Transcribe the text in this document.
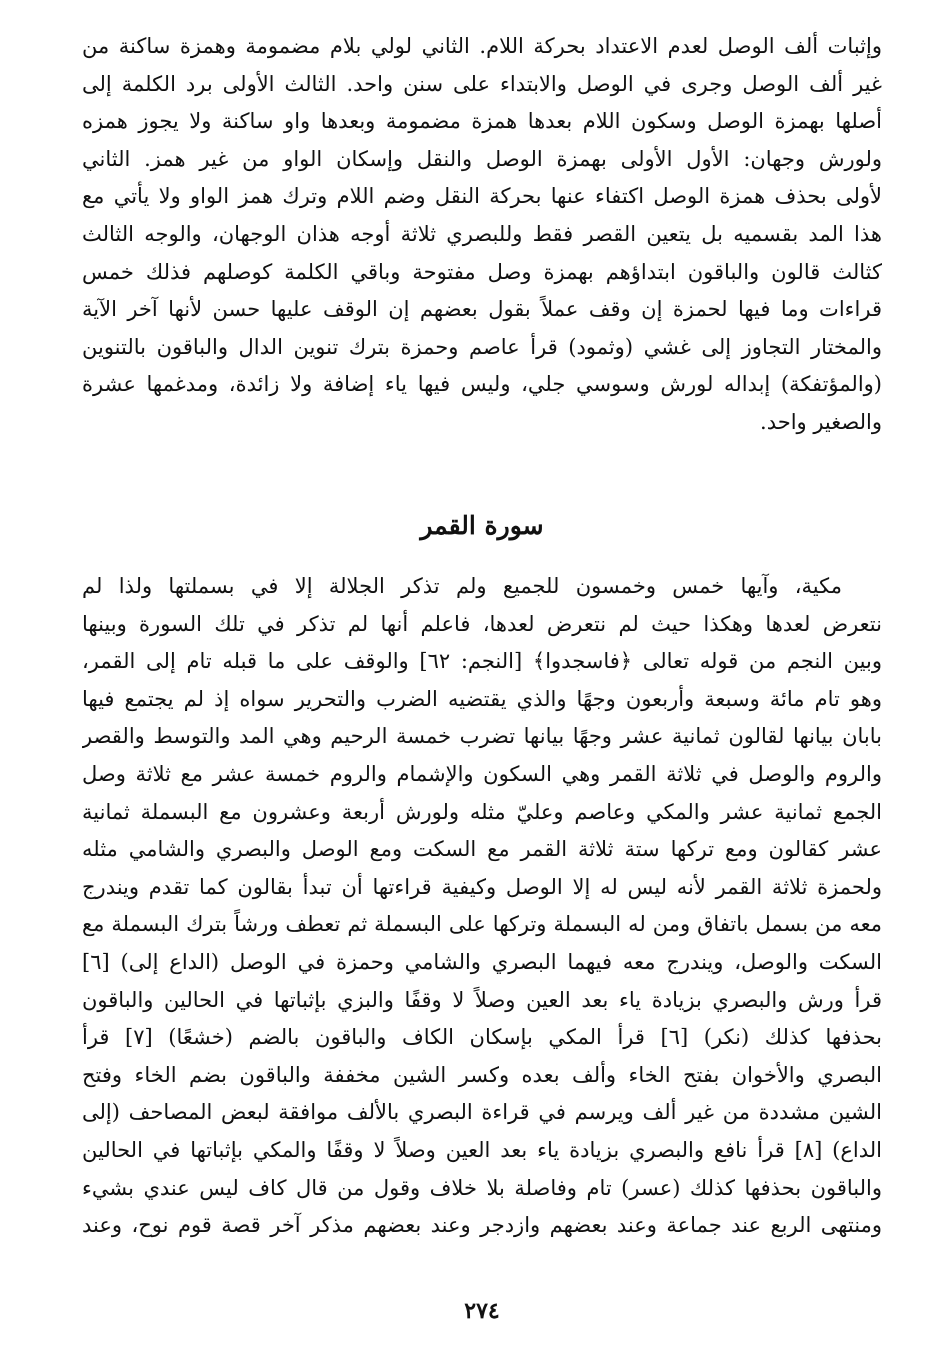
وإثبات ألف الوصل لعدم الاعتداد بحركة اللام. الثاني لولي بلام مضمومة وهمزة ساكنة من
غير ألف الوصل وجرى في الوصل والابتداء على سنن واحد. الثالث الأولى برد الكلمة إلى
أصلها بهمزة الوصل وسكون اللام بعدها همزة مضمومة وبعدها واو ساكنة ولا يجوز همزه
ولورش وجهان: الأول الأولى بهمزة الوصل والنقل وإسكان الواو من غير همز. الثاني
لأولى بحذف همزة الوصل اكتفاء عنها بحركة النقل وضم اللام وترك همز الواو ولا يأتي مع
هذا المد بقسميه بل يتعين القصر فقط وللبصري ثلاثة أوجه هذان الوجهان، والوجه الثالث
كثالث قالون والباقون ابتداؤهم بهمزة وصل مفتوحة وباقي الكلمة كوصلهم فذلك خمس
قراءات وما فيها لحمزة إن وقف عملاً بقول بعضهم إن الوقف عليها حسن لأنها آخر الآية
والمختار التجاوز إلى غشي (وثمود) قرأ عاصم وحمزة بترك تنوين الدال والباقون بالتنوين
(والمؤتفكة) إبداله لورش وسوسي جلي، وليس فيها ياء إضافة ولا زائدة، ومدغمها عشرة
والصغير واحد.
سورة القمر
مكية، وآيها خمس وخمسون للجميع ولم تذكر الجلالة إلا في بسملتها ولذا لم
نتعرض لعدها وهكذا حيث لم نتعرض لعدها، فاعلم أنها لم تذكر في تلك السورة وبينها
وبين النجم من قوله تعالى ﴿فاسجدوا﴾ [النجم: ٦٢] والوقف على ما قبله تام إلى القمر،
وهو تام مائة وسبعة وأربعون وجهًا والذي يقتضيه الضرب والتحرير سواه إذ لم يجتمع فيها
بابان بيانها لقالون ثمانية عشر وجهًا بيانها تضرب خمسة الرحيم وهي المد والتوسط والقصر
والروم والوصل في ثلاثة القمر وهي السكون والإشمام والروم خمسة عشر مع ثلاثة وصل
الجمع ثمانية عشر والمكي وعاصم وعليّ مثله ولورش أربعة وعشرون مع البسملة ثمانية
عشر كقالون ومع تركها ستة ثلاثة القمر مع السكت ومع الوصل والبصري والشامي مثله
ولحمزة ثلاثة القمر لأنه ليس له إلا الوصل وكيفية قراءتها أن تبدأ بقالون كما تقدم ويندرج
معه من بسمل باتفاق ومن له البسملة وتركها على البسملة ثم تعطف ورشاً بترك البسملة مع
السكت والوصل، ويندرج معه فيهما البصري والشامي وحمزة في الوصل (الداع إلى) [٦]
قرأ ورش والبصري بزيادة ياء بعد العين وصلاً لا وقفًا والبزي بإثباتها في الحالين والباقون
بحذفها كذلك (نكر) [٦] قرأ المكي بإسكان الكاف والباقون بالضم (خشعًا) [٧] قرأ
البصري والأخوان بفتح الخاء وألف بعده وكسر الشين مخففة والباقون بضم الخاء وفتح
الشين مشددة من غير ألف ويرسم في قراءة البصري بالألف موافقة لبعض المصاحف (إلى
الداع) [٨] قرأ نافع والبصري بزيادة ياء بعد العين وصلاً لا وقفًا والمكي بإثباتها في الحالين
والباقون بحذفها كذلك (عسر) تام وفاصلة بلا خلاف وقول من قال كاف ليس عندي بشيء
ومنتهى الربع عند جماعة وعند بعضهم وازدجر وعند بعضهم مذكر آخر قصة قوم نوح، وعند
٢٧٤
